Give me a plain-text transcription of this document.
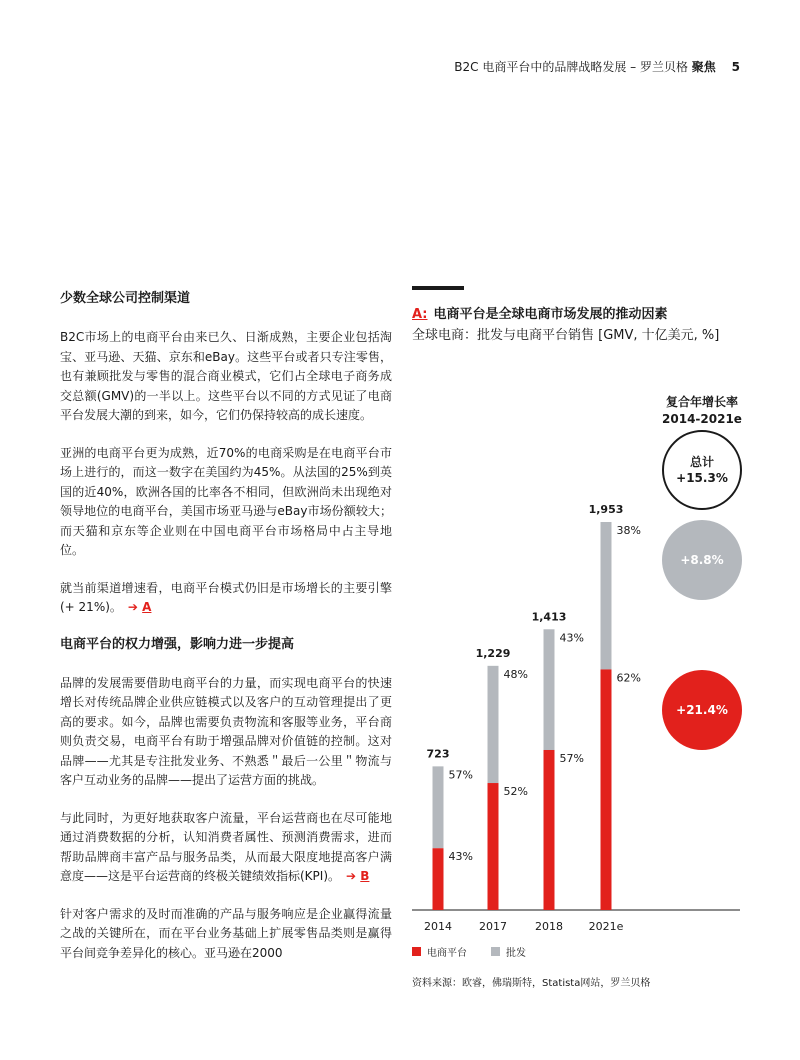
B2C 电商平台中的品牌战略发展 – 罗兰贝格 聚焦 5
少数全球公司控制渠道
B2C市场上的电商平台由来已久、日渐成熟，主要企业包括淘宝、亚马逊、天猫、京东和eBay。这些平台或者只专注零售，也有兼顾批发与零售的混合商业模式，它们占全球电子商务成交总额(GMV)的一半以上。这些平台以不同的方式见证了电商平台发展大潮的到来，如今，它们仍保持较高的成长速度。
亚洲的电商平台更为成熟，近70%的电商采购是在电商平台市场上进行的，而这一数字在美国约为45%。从法国的25%到英国的近40%，欧洲各国的比率各不相同，但欧洲尚未出现绝对领导地位的电商平台，美国市场亚马逊与eBay市场份额较大；而天猫和京东等企业则在中国电商平台市场格局中占主导地位。
就当前渠道增速看，电商平台模式仍旧是市场增长的主要引擎(+ 21%)。 ➔ A
电商平台的权力增强，影响力进一步提高
品牌的发展需要借助电商平台的力量，而实现电商平台的快速增长对传统品牌企业供应链模式以及客户的互动管理提出了更高的要求。如今，品牌也需要负责物流和客服等业务，平台商则负责交易，电商平台有助于增强品牌对价值链的控制。这对品牌——尤其是专注批发业务、不熟悉＂最后一公里＂物流与客户互动业务的品牌——提出了运营方面的挑战。
与此同时，为更好地获取客户流量，平台运营商也在尽可能地通过消费数据的分析，认知消费者属性、预测消费需求，进而帮助品牌商丰富产品与服务品类，从而最大限度地提高客户满意度——这是平台运营商的终极关键绩效指标(KPI)。 ➔ B
针对客户需求的及时而准确的产品与服务响应是企业赢得流量之战的关键所在，而在平台业务基础上扩展零售品类则是赢得平台间竞争差异化的核心。亚马逊在2000
A: 电商平台是全球电商市场发展的推动因素
全球电商：批发与电商平台销售 [GMV, 十亿美元, %]
复合年增长率
2014-2021e
总计
+15.3%
+8.8%
+21.4%
723
57%
43%
2014
1,229
48%
52%
2017
1,413
43%
57%
2018
1,953
38%
62%
2021e
电商平台	批发
资料来源：欧睿，佛瑞斯特，Statista网站，罗兰贝格
